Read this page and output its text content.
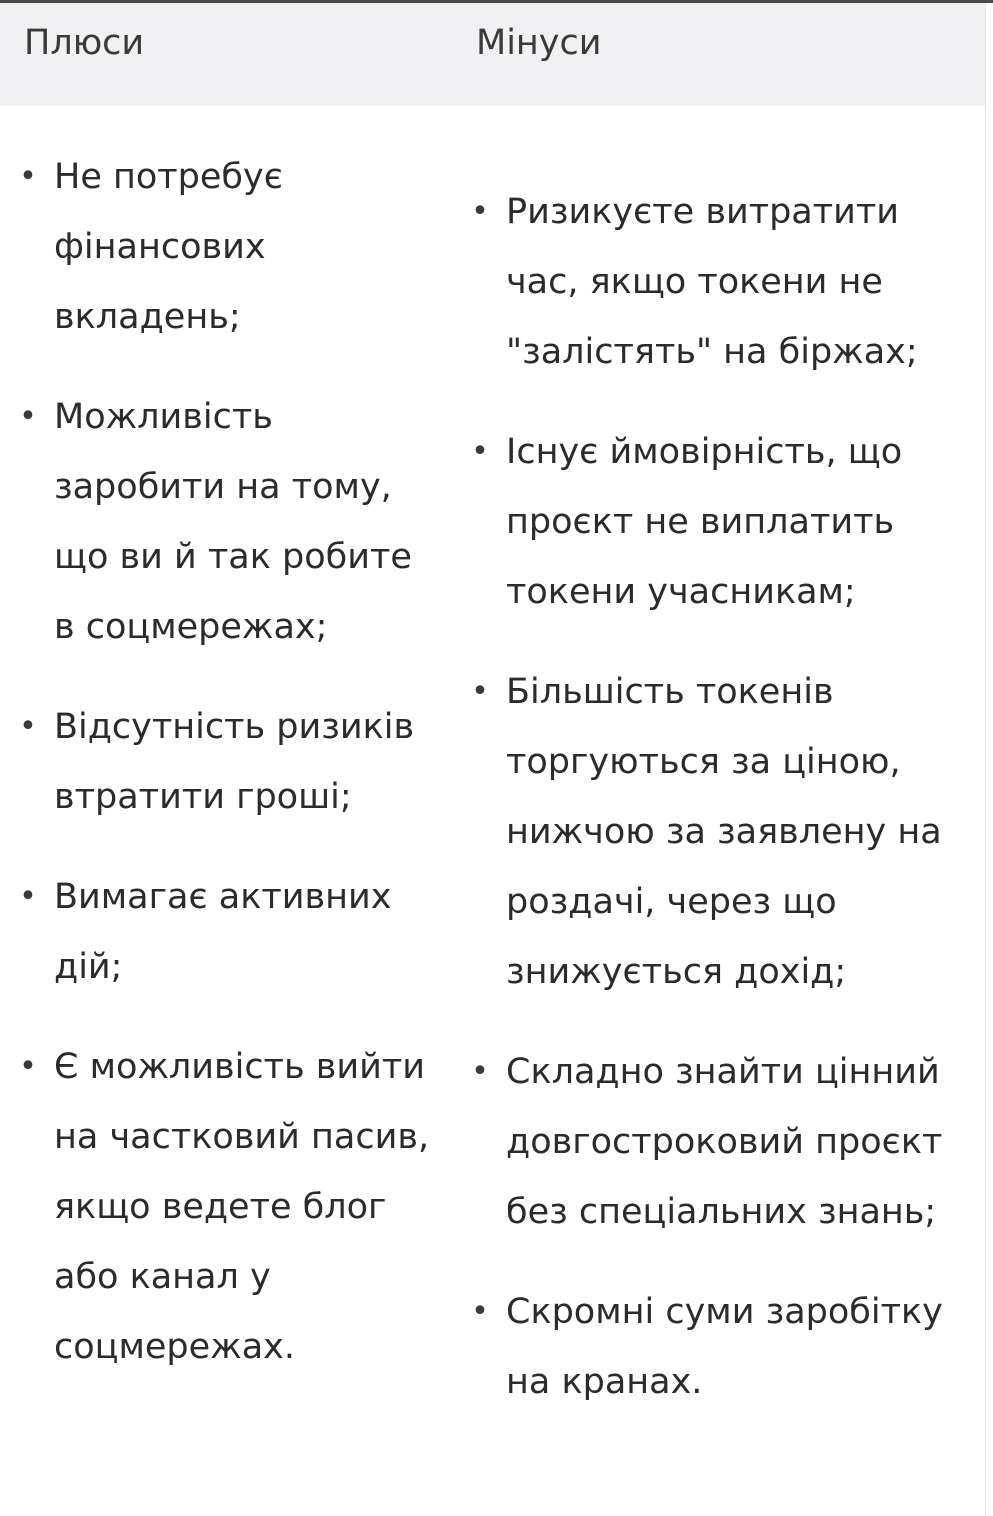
Плюси	Мінуси
• Не потребує фінансових вкладень;
• Можливість заробити на тому, що ви й так робите в соцмережах;
• Відсутність ризиків втратити гроші;
• Вимагає активних дій;
• Є можливість вийти на частковий пасив, якщо ведете блог або канал у соцмережах.
• Ризикуєте витратити час, якщо токени не "залістять" на біржах;
• Існує ймовірність, що проєкт не виплатить токени учасникам;
• Більшість токенів торгуються за ціною, нижчою за заявлену на роздачі, через що знижується дохід;
• Складно знайти цінний довгостроковий проєкт без спеціальних знань;
• Скромні суми заробітку на кранах.
